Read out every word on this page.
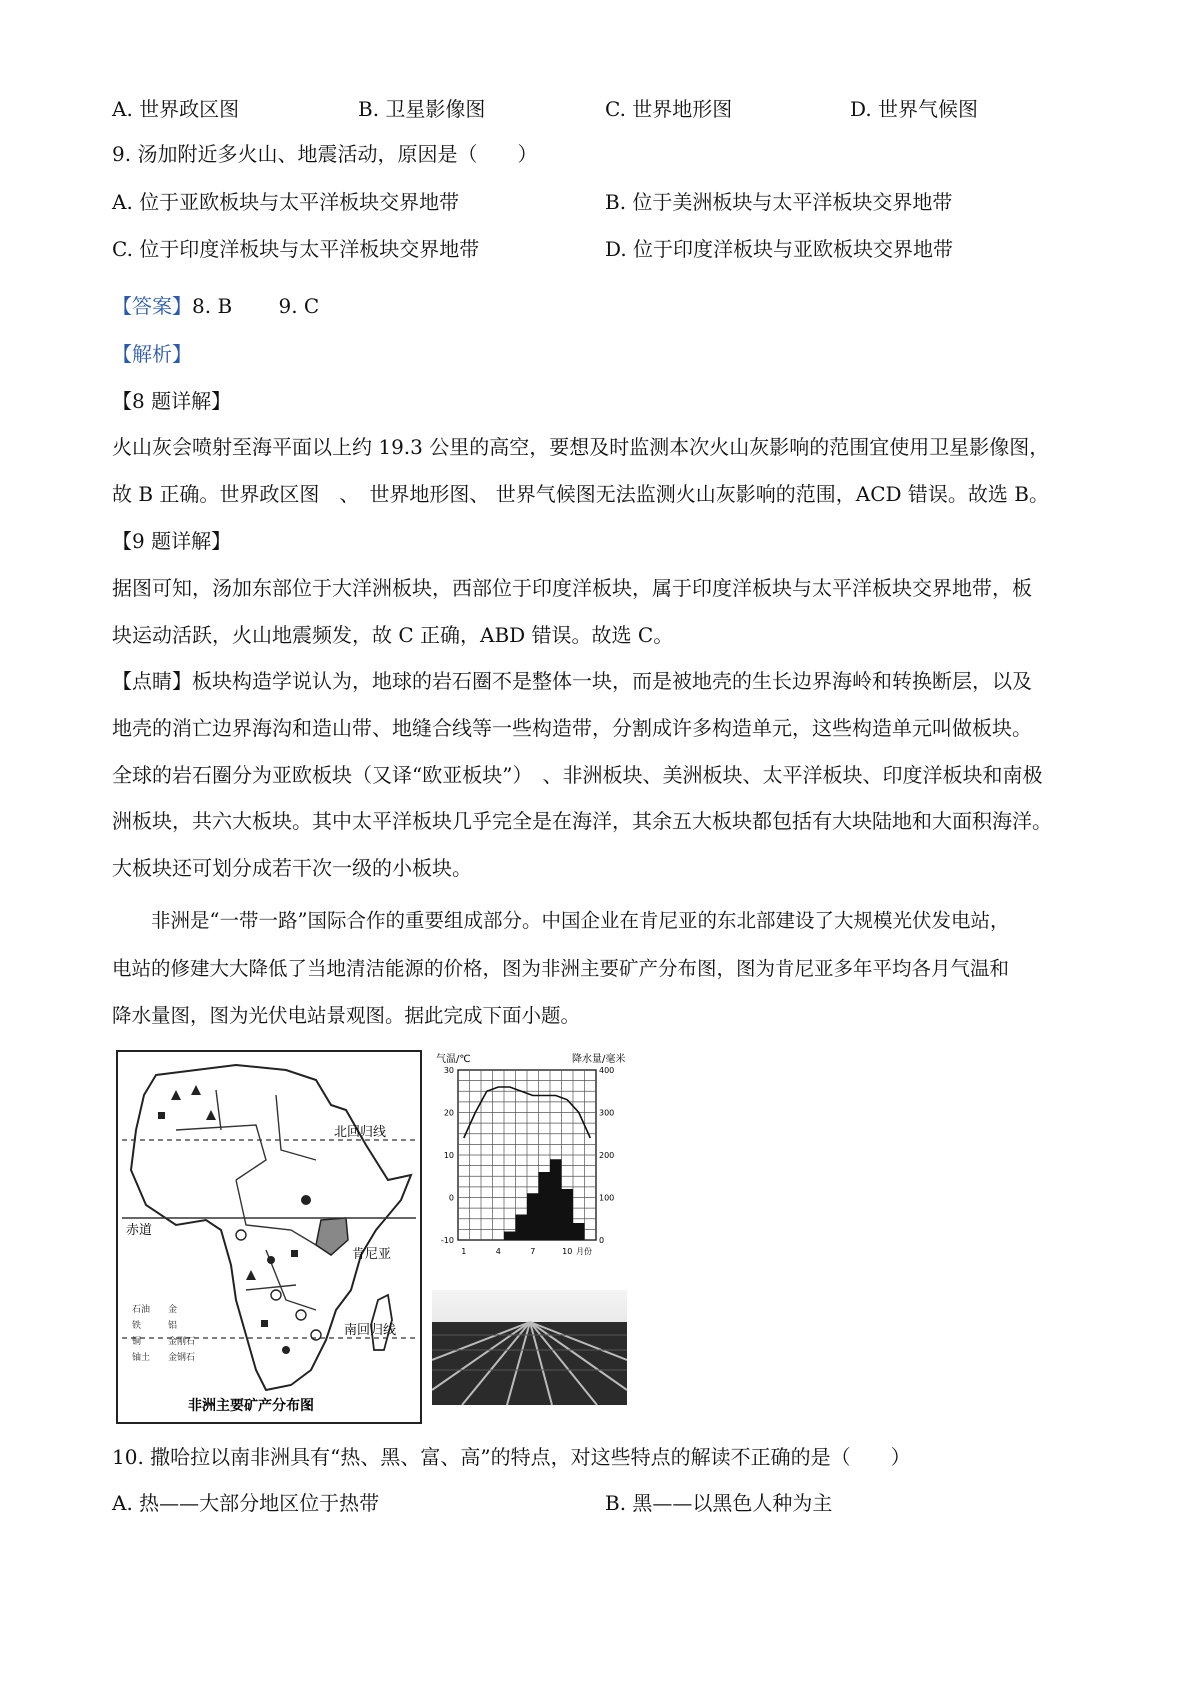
A. 世界政区图	B. 卫星影像图	C. 世界地形图	D. 世界气候图
9. 汤加附近多火山、地震活动，原因是（　　）
A. 位于亚欧板块与太平洋板块交界地带	B. 位于美洲板块与太平洋板块交界地带
C. 位于印度洋板块与太平洋板块交界地带	D. 位于印度洋板块与亚欧板块交界地带
【答案】8. B　　 9. C
【解析】
【8 题详解】
火山灰会喷射至海平面以上约 19.3 公里的高空，要想及时监测本次火山灰影响的范围宜使用卫星影像图，
故 B 正确。世界政区图　、　世界地形图、 世界气候图无法监测火山灰影响的范围，ACD 错误。故选 B。
【9 题详解】
据图可知，汤加东部位于大洋洲板块，西部位于印度洋板块，属于印度洋板块与太平洋板块交界地带，板
块运动活跃，火山地震频发，故 C 正确，ABD 错误。故选 C。
【点睛】板块构造学说认为，地球的岩石圈不是整体一块，而是被地壳的生长边界海岭和转换断层，以及
地壳的消亡边界海沟和造山带、地缝合线等一些构造带，分割成许多构造单元，这些构造单元叫做板块。
全球的岩石圈分为亚欧板块（又译“欧亚板块”）　、非洲板块、美洲板块、太平洋板块、印度洋板块和南极
洲板块，共六大板块。其中太平洋板块几乎完全是在海洋，其余五大板块都包括有大块陆地和大面积海洋。
大板块还可划分成若干次一级的小板块。
　　非洲是“一带一路”国际合作的重要组成部分。中国企业在肯尼亚的东北部建设了大规模光伏发电站，
电站的修建大大降低了当地清洁能源的价格，图为非洲主要矿产分布图，图为肯尼亚多年平均各月气温和
降水量图，图为光伏电站景观图。据此完成下面小题。
北回归线
赤道
肯尼亚
南回归线
石油 金
铁	铝
铜	金刚石
铀土 金钢石
非洲主要矿产分布图
气温/℃	降水量/毫米
30
20
10
0
-10
400
300
200
100
0
1	4	7	10 月份
10. 撒哈拉以南非洲具有“热、黑、富、高”的特点，对这些特点的解读不正确的是（　　）
A. 热——大部分地区位于热带	B. 黑——以黑色人种为主
